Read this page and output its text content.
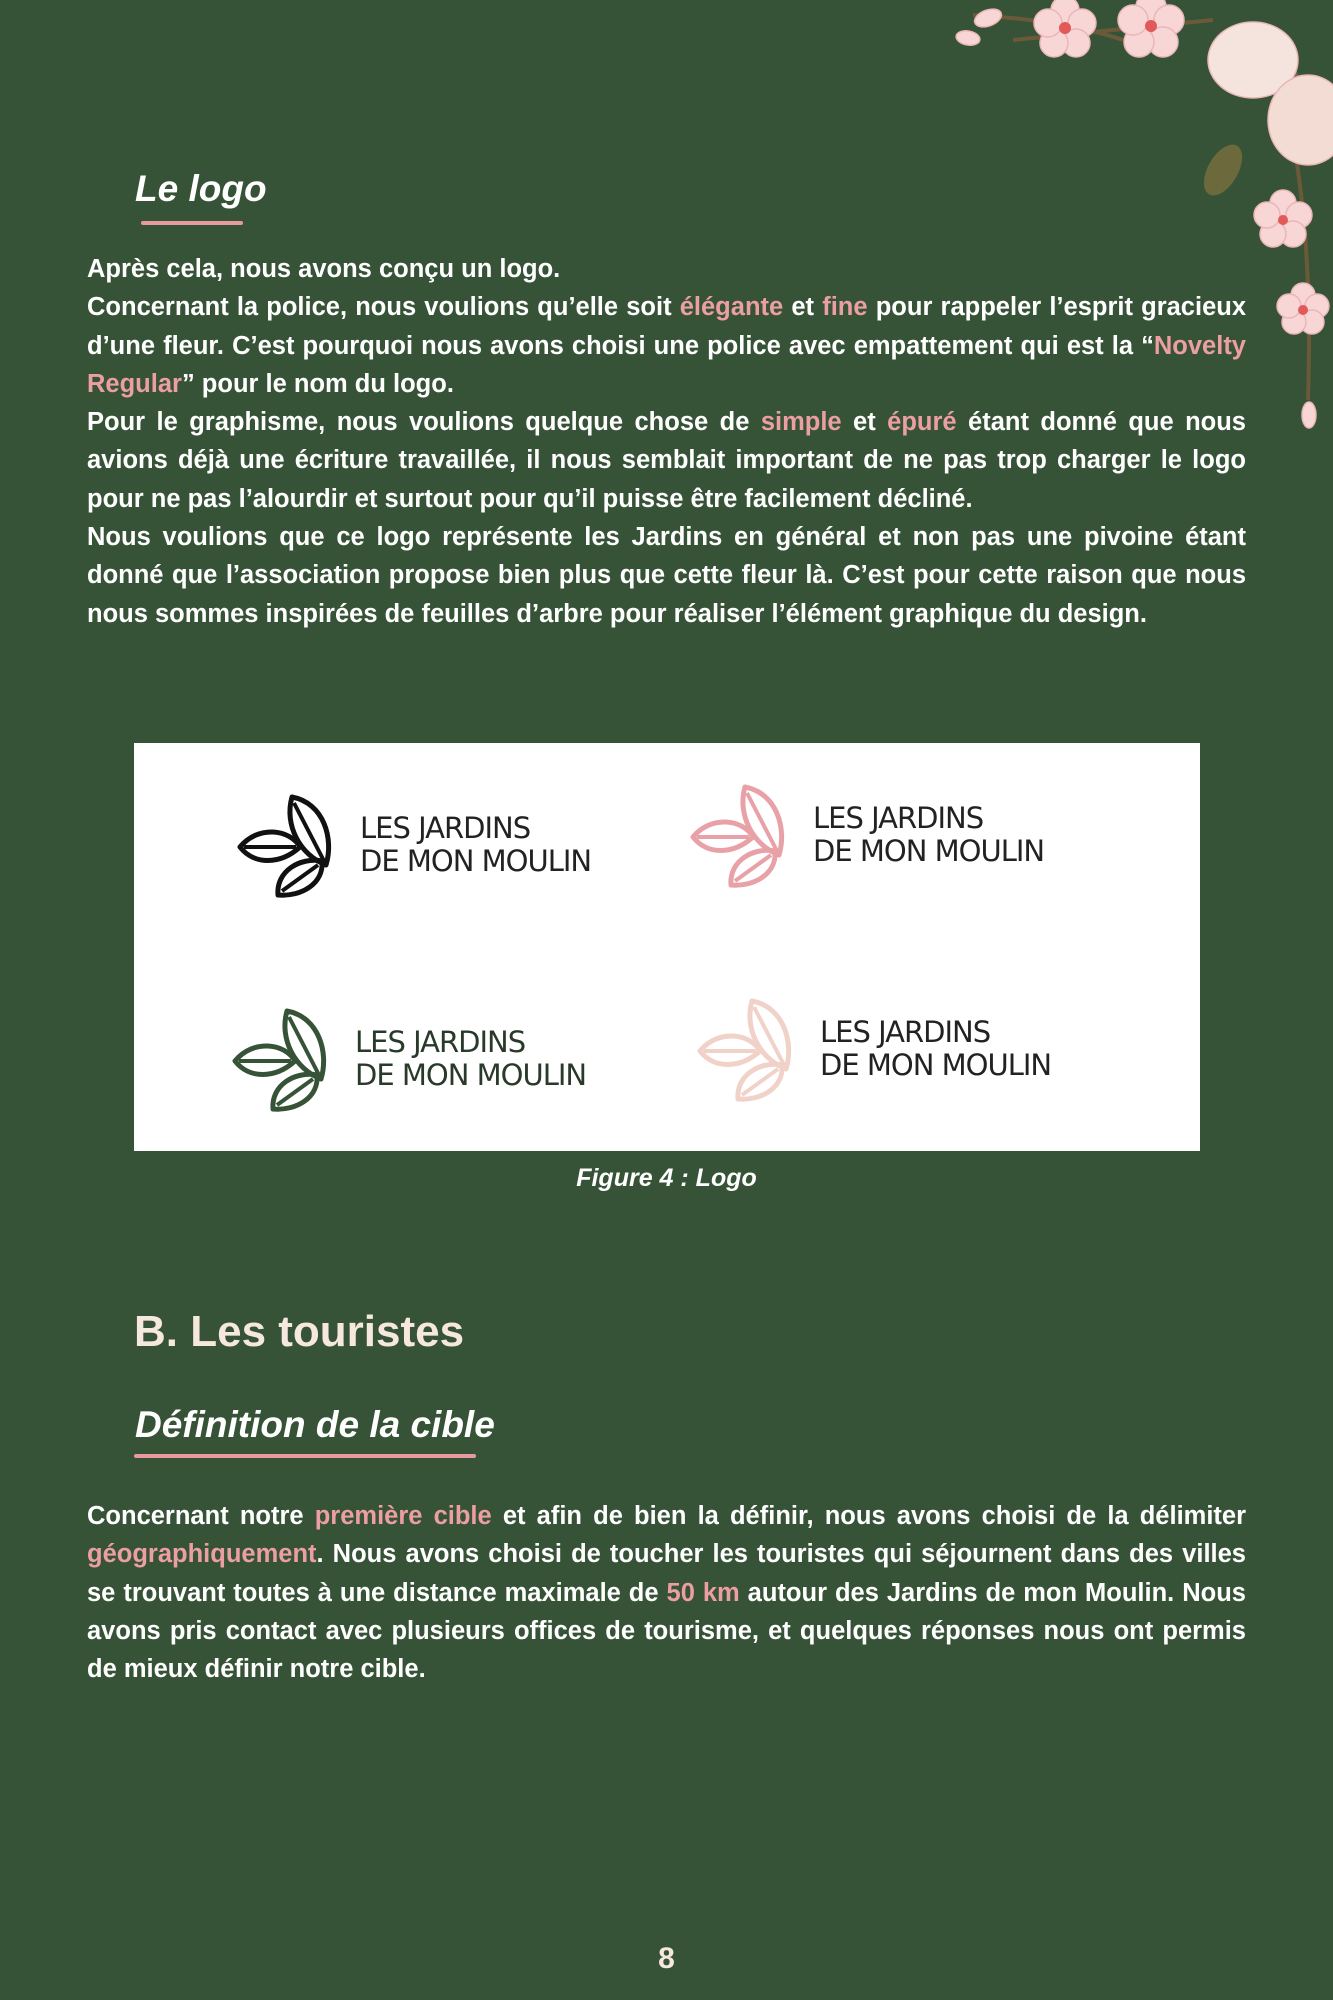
Le logo

Après cela, nous avons conçu un logo.

Concernant la police, nous voulions qu’elle soit élégante et fine pour rappeler l’esprit gracieux d’une fleur. C’est pourquoi nous avons choisi une police avec empattement qui est la “Novelty Regular” pour le nom du logo.

Pour le graphisme, nous voulions quelque chose de simple et épuré étant donné que nous avions déjà une écriture travaillée, il nous semblait important de ne pas trop charger le logo pour ne pas l’alourdir et surtout pour qu’il puisse être facilement décliné.

Nous voulions que ce logo représente les Jardins en général et non pas une pivoine étant donné que l’association propose bien plus que cette fleur là. C’est pour cette raison que nous nous sommes inspirées de feuilles d’arbre pour réaliser l’élément graphique du design.

LES JARDINS
DE MON MOULIN
LES JARDINS
DE MON MOULIN
LES JARDINS
DE MON MOULIN
LES JARDINS
DE MON MOULIN

Figure 4 : Logo

B. Les touristes
Définition de la cible

Concernant notre première cible et afin de bien la définir, nous avons choisi de la délimiter géographiquement. Nous avons choisi de toucher les touristes qui séjournent dans des villes se trouvant toutes à une distance maximale de 50 km autour des Jardins de mon Moulin. Nous avons pris contact avec plusieurs offices de tourisme, et quelques réponses nous ont permis de mieux définir notre cible.

8
